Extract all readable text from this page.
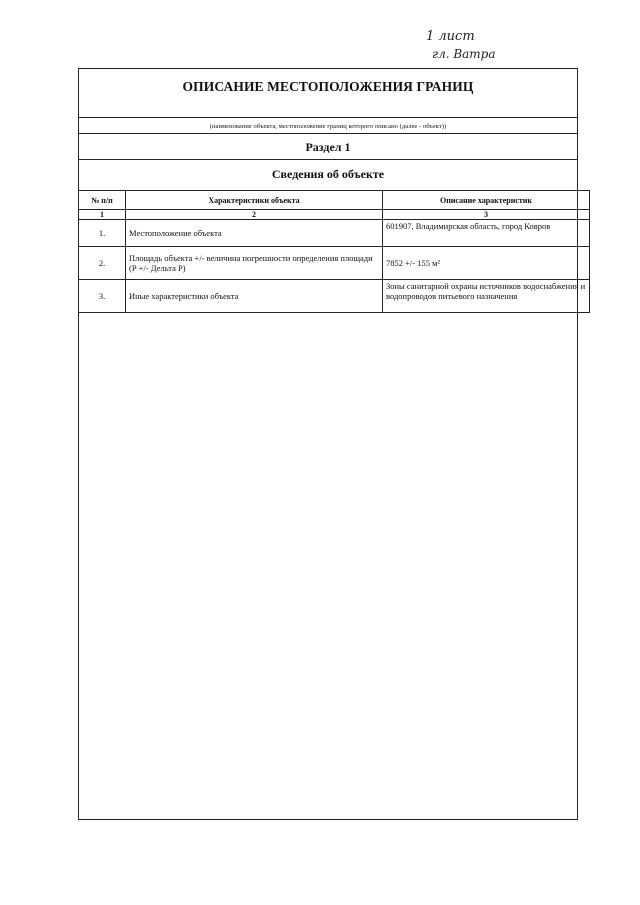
1 лист
гл. Ватра
ОПИСАНИЕ МЕСТОПОЛОЖЕНИЯ ГРАНИЦ
(наименование объекта, местоположение границ которого описано (далее - объект))
Раздел 1
Сведения об объекте
№ п/п	Характеристики объекта	Описание характеристик
1	2	3
1.	Местоположение объекта	601907, Владимирская область, город Ковров
2.	Площадь объекта +/- величина погрешности определения площади (Р +/- Дельта Р)	7852 +/- 155 м²
3.	Иные характеристики объекта	Зоны санитарной охраны источников водоснабжения и водопроводов питьевого назначения
